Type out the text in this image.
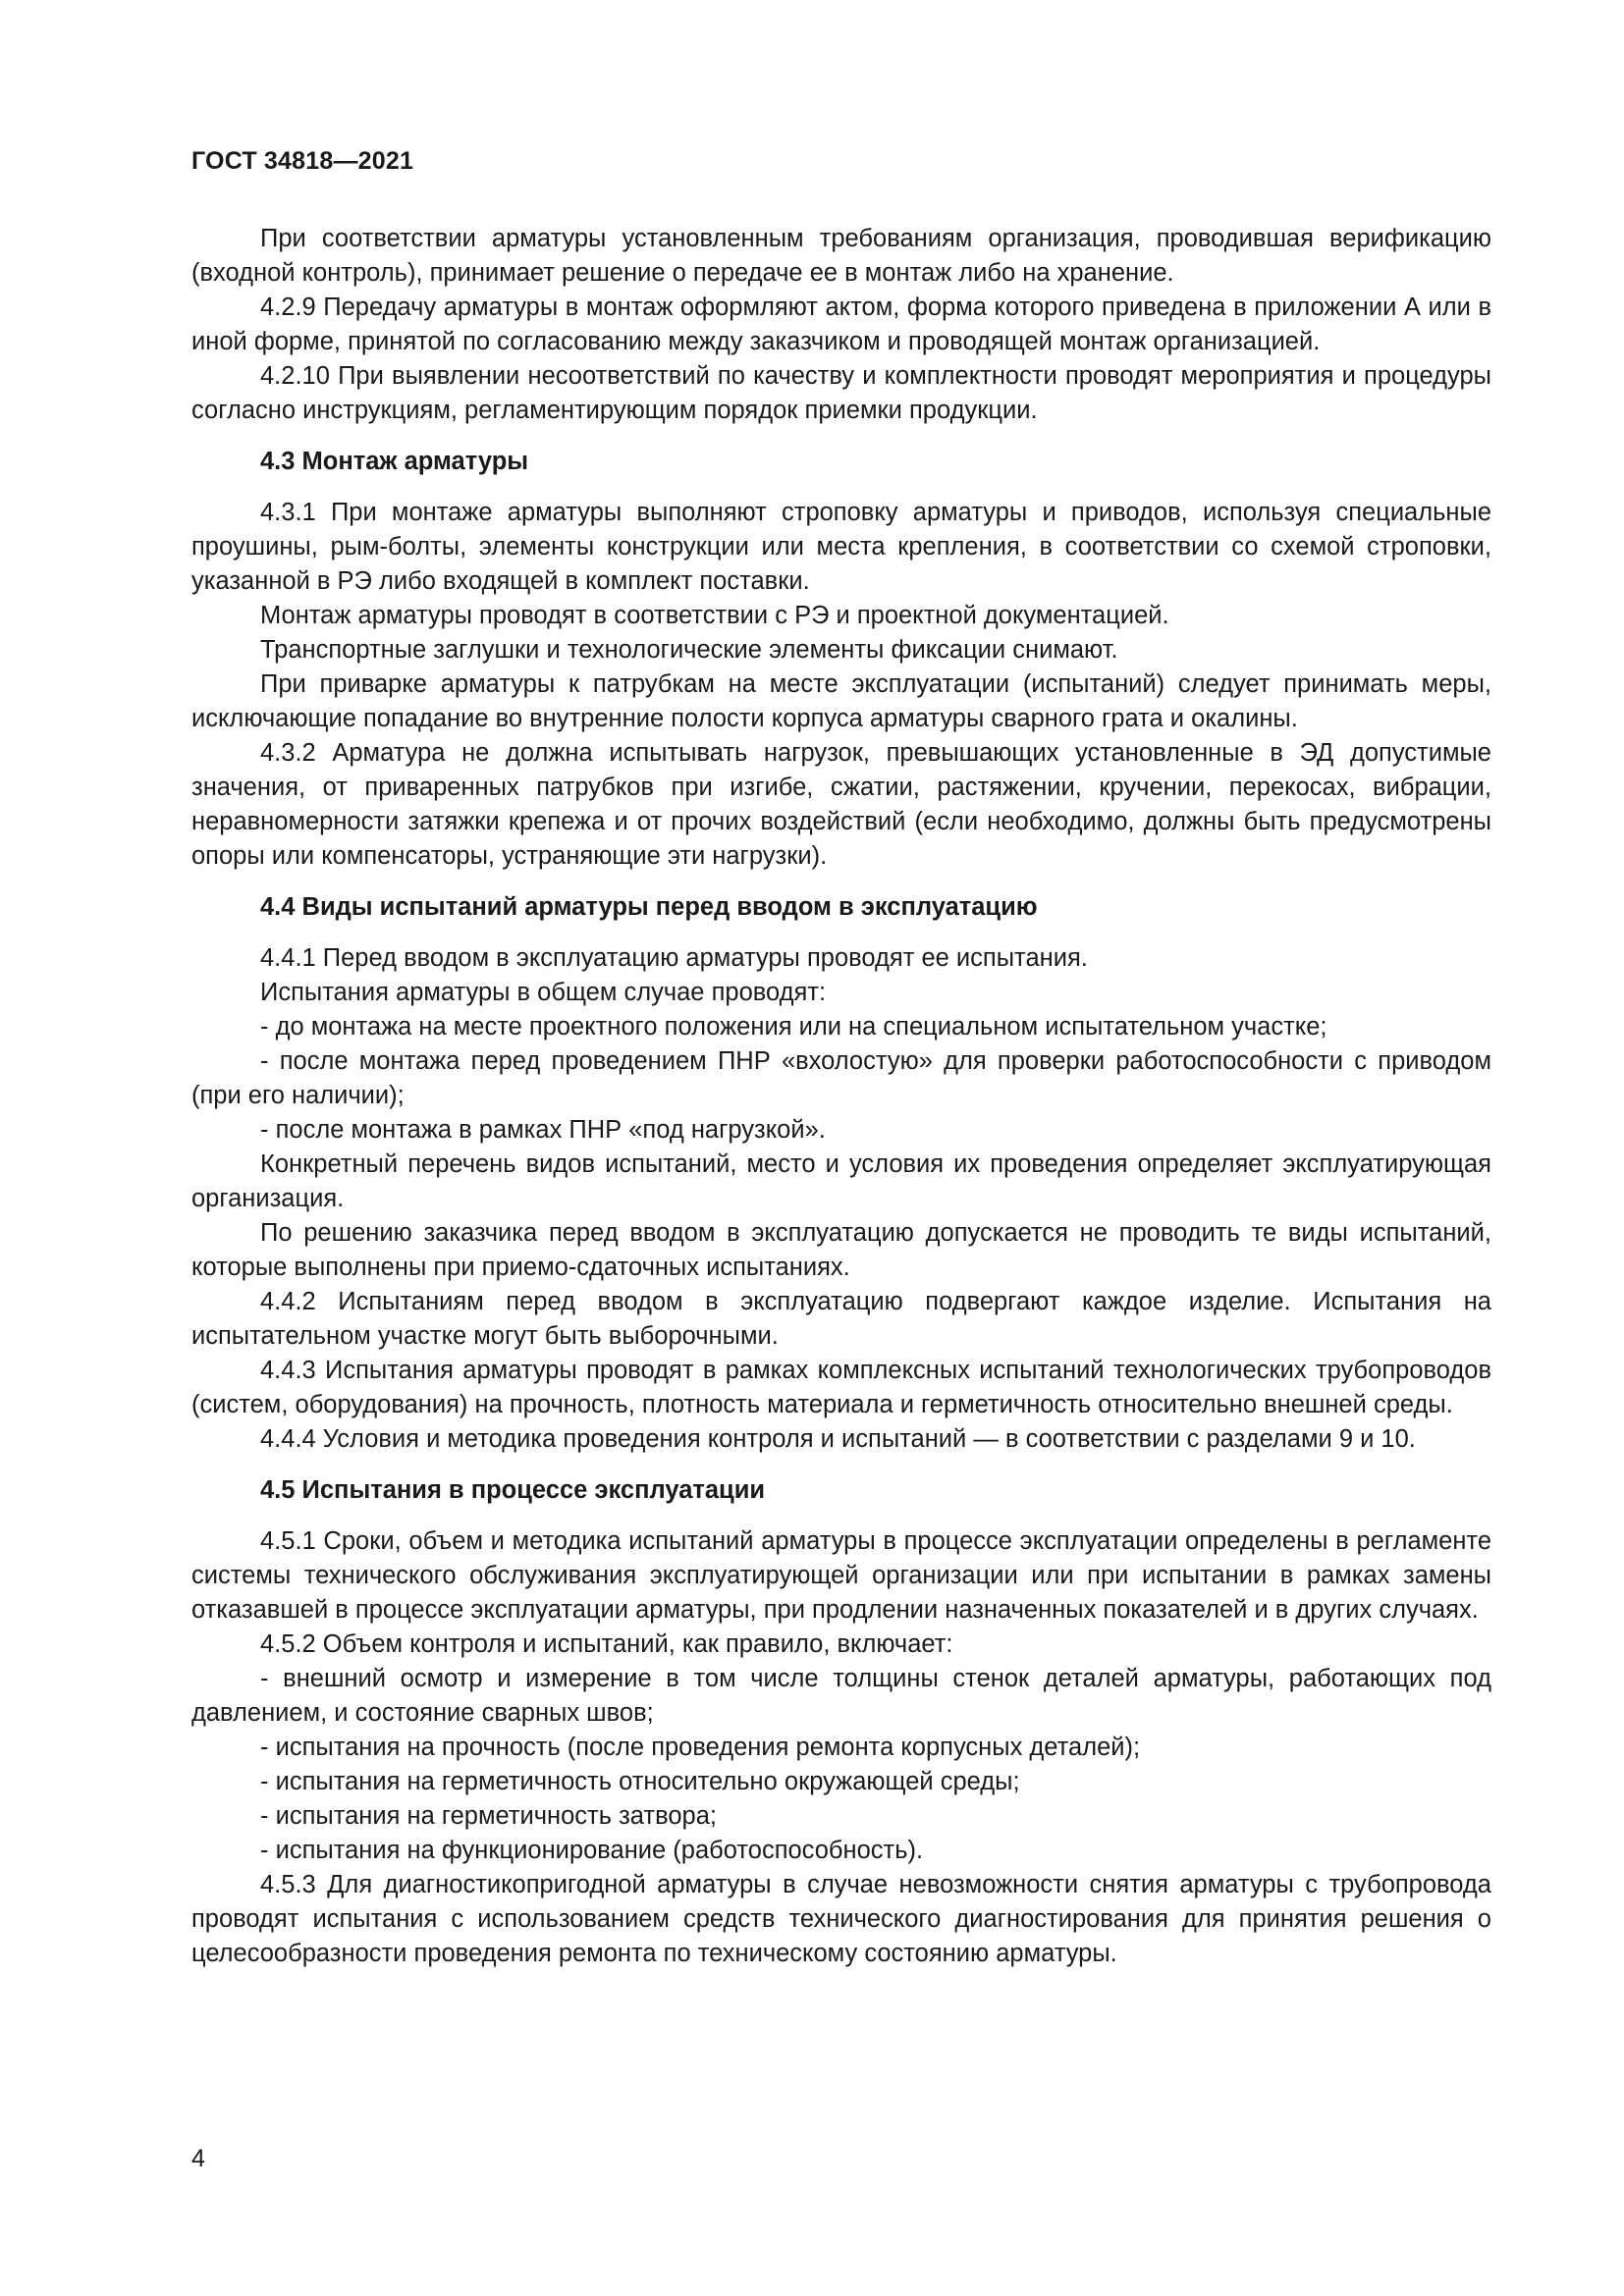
ГОСТ 34818—2021

При соответствии арматуры установленным требованиям организация, проводившая верификацию (входной контроль), принимает решение о передаче ее в монтаж либо на хранение.

4.2.9 Передачу арматуры в монтаж оформляют актом, форма которого приведена в приложении А или в иной форме, принятой по согласованию между заказчиком и проводящей монтаж организацией.

4.2.10 При выявлении несоответствий по качеству и комплектности проводят мероприятия и процедуры согласно инструкциям, регламентирующим порядок приемки продукции.

4.3 Монтаж арматуры

4.3.1 При монтаже арматуры выполняют строповку арматуры и приводов, используя специальные проушины, рым-болты, элементы конструкции или места крепления, в соответствии со схемой строповки, указанной в РЭ либо входящей в комплект поставки.

Монтаж арматуры проводят в соответствии с РЭ и проектной документацией.

Транспортные заглушки и технологические элементы фиксации снимают.

При приварке арматуры к патрубкам на месте эксплуатации (испытаний) следует принимать меры, исключающие попадание во внутренние полости корпуса арматуры сварного грата и окалины.

4.3.2 Арматура не должна испытывать нагрузок, превышающих установленные в ЭД допустимые значения, от приваренных патрубков при изгибе, сжатии, растяжении, кручении, перекосах, вибрации, неравномерности затяжки крепежа и от прочих воздействий (если необходимо, должны быть предусмотрены опоры или компенсаторы, устраняющие эти нагрузки).

4.4 Виды испытаний арматуры перед вводом в эксплуатацию

4.4.1 Перед вводом в эксплуатацию арматуры проводят ее испытания.

Испытания арматуры в общем случае проводят:

- до монтажа на месте проектного положения или на специальном испытательном участке;

- после монтажа перед проведением ПНР «вхолостую» для проверки работоспособности с приводом (при его наличии);

- после монтажа в рамках ПНР «под нагрузкой».

Конкретный перечень видов испытаний, место и условия их проведения определяет эксплуатирующая организация.

По решению заказчика перед вводом в эксплуатацию допускается не проводить те виды испытаний, которые выполнены при приемо-сдаточных испытаниях.

4.4.2 Испытаниям перед вводом в эксплуатацию подвергают каждое изделие. Испытания на испытательном участке могут быть выборочными.

4.4.3 Испытания арматуры проводят в рамках комплексных испытаний технологических трубопроводов (систем, оборудования) на прочность, плотность материала и герметичность относительно внешней среды.

4.4.4 Условия и методика проведения контроля и испытаний — в соответствии с разделами 9 и 10.

4.5 Испытания в процессе эксплуатации

4.5.1 Сроки, объем и методика испытаний арматуры в процессе эксплуатации определены в регламенте системы технического обслуживания эксплуатирующей организации или при испытании в рамках замены отказавшей в процессе эксплуатации арматуры, при продлении назначенных показателей и в других случаях.

4.5.2 Объем контроля и испытаний, как правило, включает:

- внешний осмотр и измерение в том числе толщины стенок деталей арматуры, работающих под давлением, и состояние сварных швов;

- испытания на прочность (после проведения ремонта корпусных деталей);

- испытания на герметичность относительно окружающей среды;

- испытания на герметичность затвора;

- испытания на функционирование (работоспособность).

4.5.3 Для диагностикопригодной арматуры в случае невозможности снятия арматуры с трубопровода проводят испытания с использованием средств технического диагностирования для принятия решения о целесообразности проведения ремонта по техническому состоянию арматуры.

4
